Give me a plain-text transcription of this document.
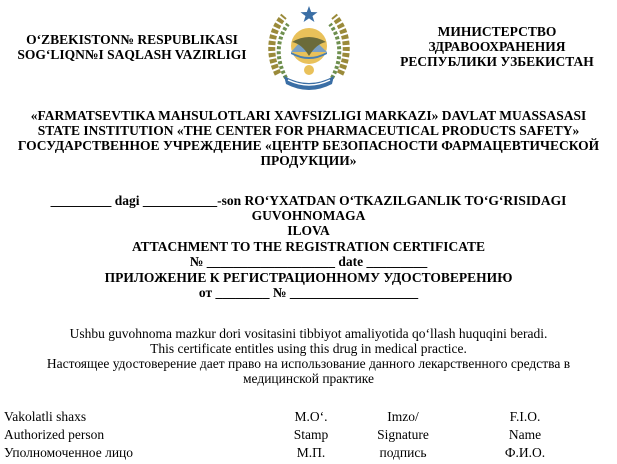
O‘ZBEKISTON№ RESPUBLIKASI
SOG‘LIQN№I SAQLASH VAZIRLIGI
МИНИСТЕРСТВО
ЗДРАВООХРАНЕНИЯ
РЕСПУБЛИКИ УЗБЕКИСТАН
«FARMATSEVTIKA MAHSULOTLARI XAVFSIZLIGI MARKAZI» DAVLAT MUASSASASI
STATE INSTITUTION «THE CENTER FOR PHARMACEUTICAL PRODUCTS SAFETY»
ГОСУДАРСТВЕННОЕ УЧРЕЖДЕНИЕ «ЦЕНТР БЕЗОПАСНОСТИ ФАРМАЦЕВТИЧЕСКОЙ
ПРОДУКЦИИ»
_________ dagi ___________-son RO‘YXATDAN O‘TKAZILGANLIK TO‘G‘RISIDAGI
GUVOHNOMAGA
ILOVA
ATTACHMENT TO THE REGISTRATION CERTIFICATE
№ ___________________ date _________
ПРИЛОЖЕНИЕ К РЕГИСТРАЦИОННОМУ УДОСТОВЕРЕНИЮ
от ________ № ___________________
Ushbu guvohnoma mazkur dori vositasini tibbiyot amaliyotida qo‘llash huquqini beradi.
This certificate entitles using this drug in medical practice.
Настоящее удостоверение дает право на использование данного лекарственного средства в
медицинской практике
Vakolatli shaxs	M.O‘.	Imzo/	F.I.O.
Authorized person	Stamp	Signature	Name
Уполномоченное лицо	М.П.	подпись	Ф.И.О.
